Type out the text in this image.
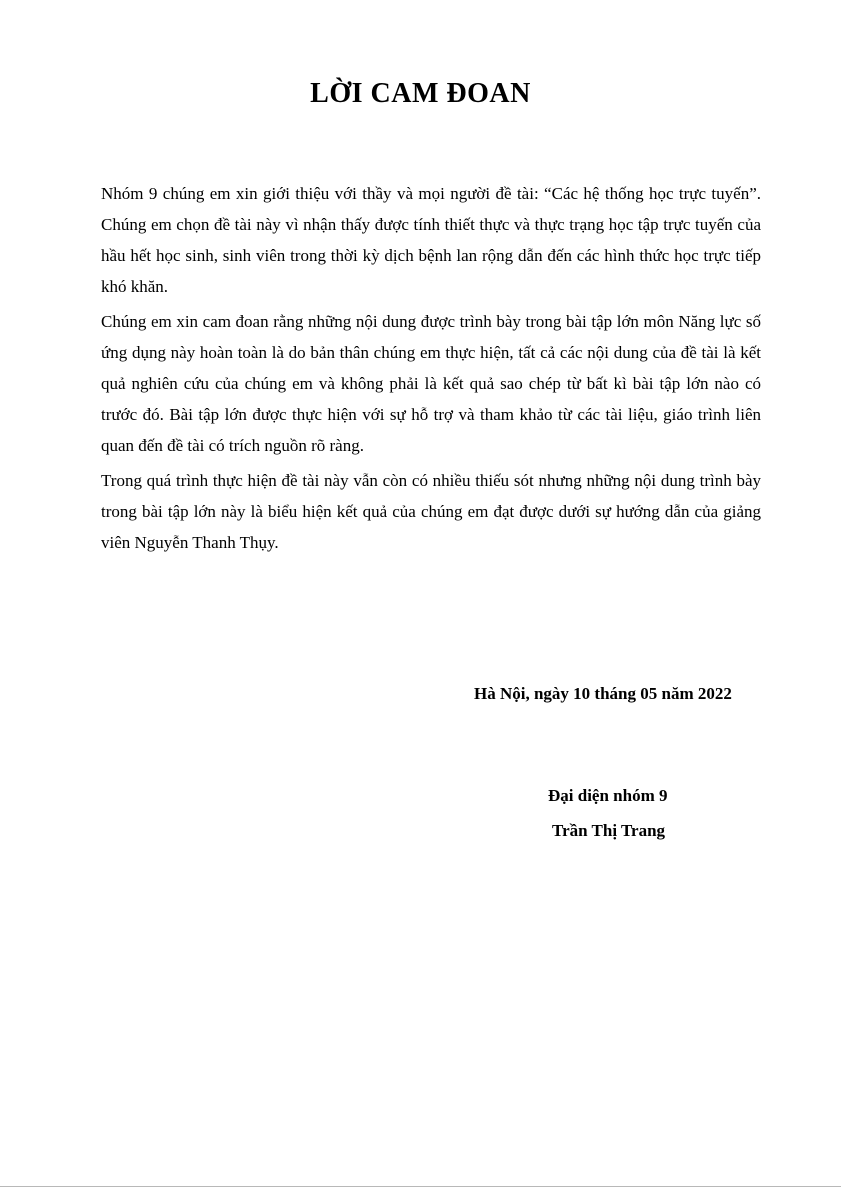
LỜI CAM ĐOAN

Nhóm 9 chúng em xin giới thiệu với thầy và mọi người đề tài: “Các hệ thống học trực tuyến”. Chúng em chọn đề tài này vì nhận thấy được tính thiết thực và thực trạng học tập trực tuyến của hầu hết học sinh, sinh viên trong thời kỳ dịch bệnh lan rộng dẫn đến các hình thức học trực tiếp khó khăn.

Chúng em xin cam đoan rằng những nội dung được trình bày trong bài tập lớn môn Năng lực số ứng dụng này hoàn toàn là do bản thân chúng em thực hiện, tất cả các nội dung của đề tài là kết quả nghiên cứu của chúng em và không phải là kết quả sao chép từ bất kì bài tập lớn nào có trước đó. Bài tập lớn được thực hiện với sự hỗ trợ và tham khảo từ các tài liệu, giáo trình liên quan đến đề tài có trích nguồn rõ ràng.

Trong quá trình thực hiện đề tài này vẫn còn có nhiều thiếu sót nhưng những nội dung trình bày trong bài tập lớn này là biểu hiện kết quả của chúng em đạt được dưới sự hướng dẫn của giảng viên Nguyễn Thanh Thụy.

Hà Nội, ngày 10 tháng 05 năm 2022
Đại diện nhóm 9
Trần Thị Trang
